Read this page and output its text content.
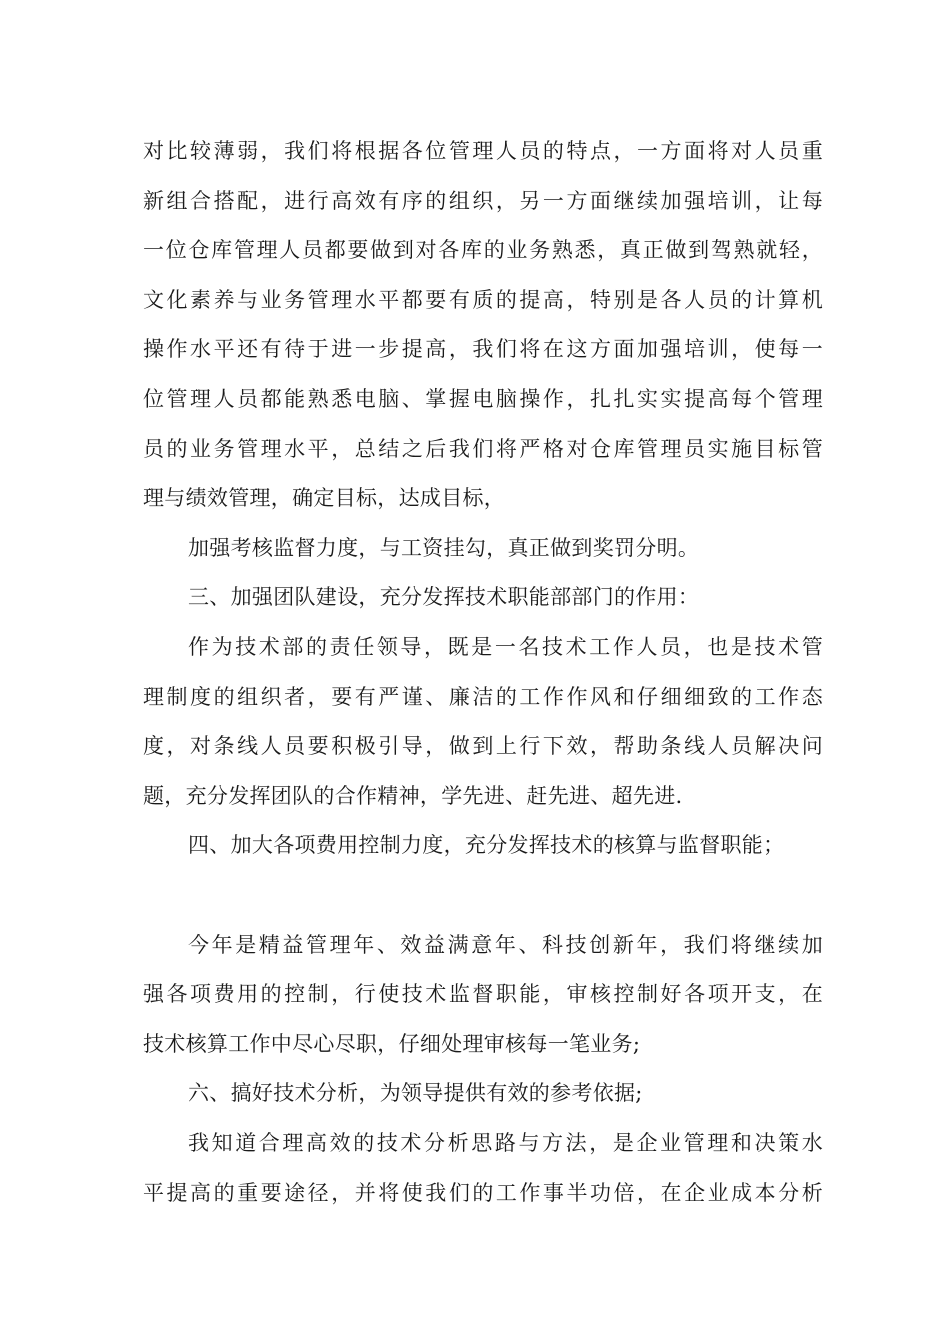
对比较薄弱，我们将根据各位管理人员的特点，一方面将对人员重
新组合搭配，进行高效有序的组织，另一方面继续加强培训，让每
一位仓库管理人员都要做到对各库的业务熟悉，真正做到驾熟就轻，
文化素养与业务管理水平都要有质的提高，特别是各人员的计算机
操作水平还有待于进一步提高，我们将在这方面加强培训，使每一
位管理人员都能熟悉电脑、掌握电脑操作，扎扎实实提高每个管理
员的业务管理水平，总结之后我们将严格对仓库管理员实施目标管
理与绩效管理，确定目标，达成目标，
加强考核监督力度，与工资挂勾，真正做到奖罚分明。
三、加强团队建设，充分发挥技术职能部部门的作用：
作为技术部的责任领导，既是一名技术工作人员，也是技术管
理制度的组织者，要有严谨、廉洁的工作作风和仔细细致的工作态
度，对条线人员要积极引导，做到上行下效，帮助条线人员解决问
题，充分发挥团队的合作精神，学先进、赶先进、超先进.
四、加大各项费用控制力度，充分发挥技术的核算与监督职能；
今年是精益管理年、效益满意年、科技创新年，我们将继续加
强各项费用的控制，行使技术监督职能，审核控制好各项开支，在
技术核算工作中尽心尽职，仔细处理审核每一笔业务;
六、搞好技术分析，为领导提供有效的参考依据;
我知道合理高效的技术分析思路与方法，是企业管理和决策水
平提高的重要途径，并将使我们的工作事半功倍，在企业成本分析
